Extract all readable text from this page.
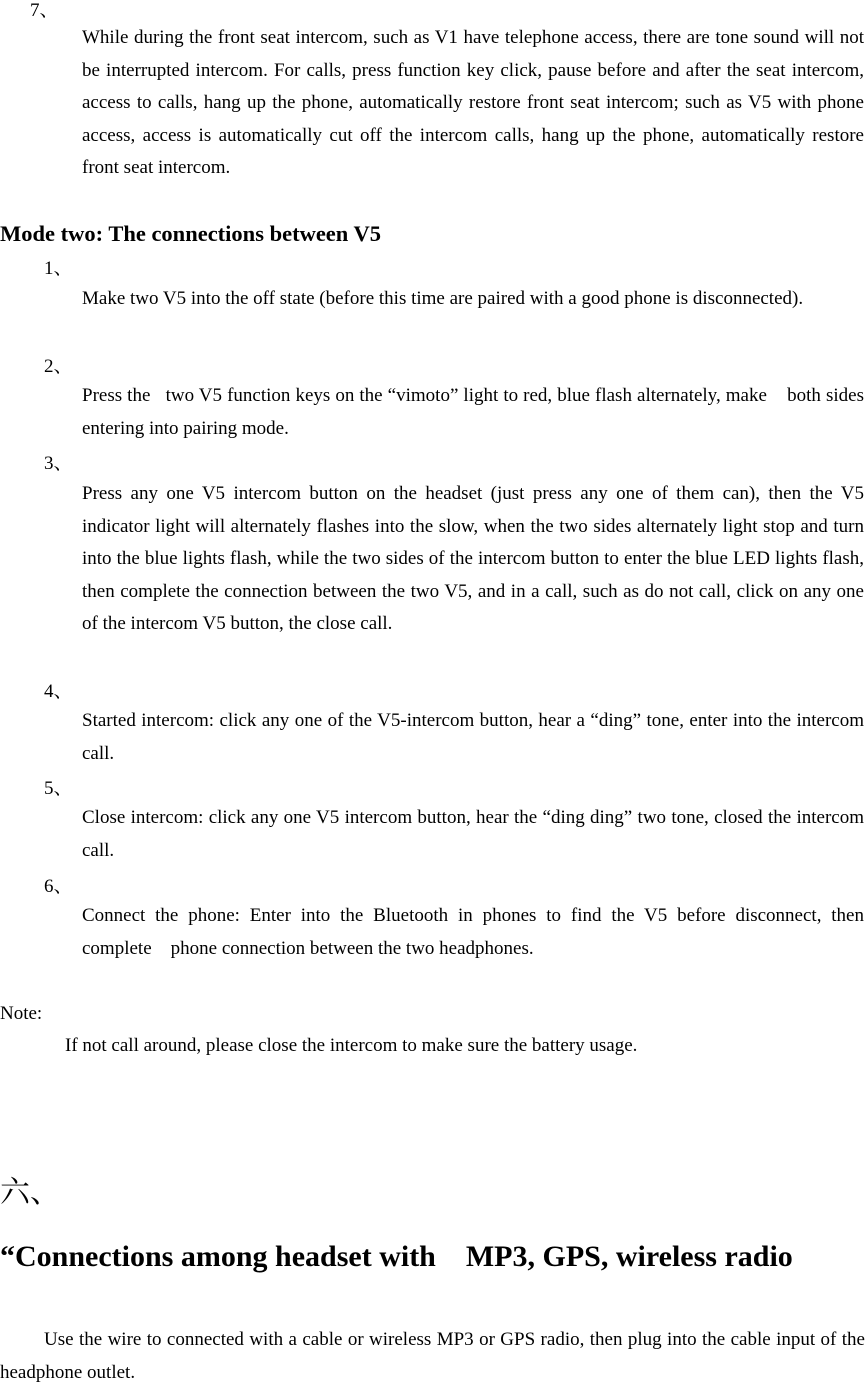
7、

While during the front seat intercom, such as V1 have telephone access, there are tone sound will not be interrupted intercom. For calls, press function key click, pause before and after the seat intercom, access to calls, hang up the phone, automatically restore front seat intercom; such as V5 with phone access, access is automatically cut off the intercom calls, hang up the phone, automatically restore front seat intercom.

Mode two: The connections between V5
1、

Make two V5 into the off state (before this time are paired with a good phone is disconnected).

2、

Press the   two V5 function keys on the “vimoto” light to red, blue flash alternately, make    both sides entering into pairing mode.

3、

Press any one V5 intercom button on the headset (just press any one of them can), then the V5 indicator light will alternately flashes into the slow, when the two sides alternately light stop and turn into the blue lights flash, while the two sides of the intercom button to enter the blue LED lights flash, then complete the connection between the two V5, and in a call, such as do not call, click on any one of the intercom V5 button, the close call.

4、

Started intercom: click any one of the V5-intercom button, hear a “ding” tone, enter into the intercom call.

5、

Close intercom: click any one V5 intercom button, hear the “ding ding” two tone, closed the intercom call.

6、

Connect the phone: Enter into the Bluetooth in phones to find the V5 before disconnect, then complete    phone connection between the two headphones.

Note:
If not call around, please close the intercom to make sure the battery usage.
六、
“Connections among headset with    MP3, GPS, wireless radio

Use the wire to connected with a cable or wireless MP3 or GPS radio, then plug into the cable input of the headphone outlet.
